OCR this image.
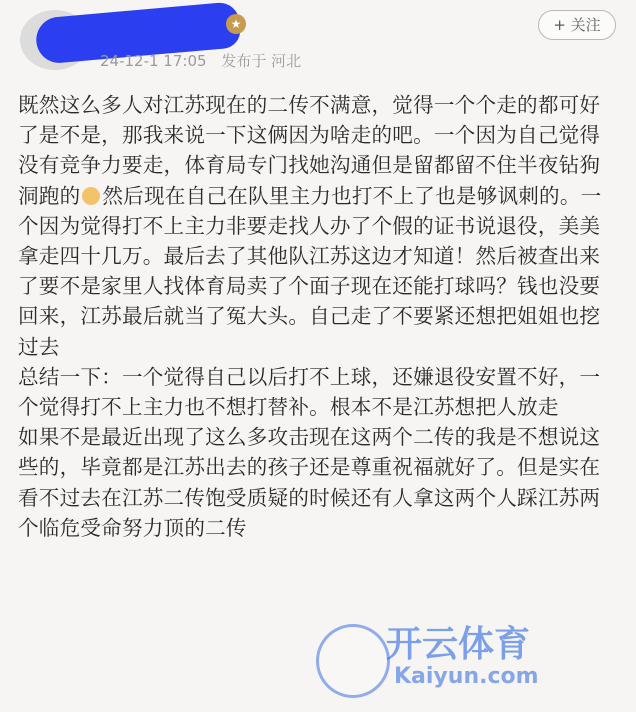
★
24-12-1 17:05 发布于 河北
+ 关注

既然这么多人对江苏现在的二传不满意，觉得一个个走的都可好了是不是，那我来说一下这俩因为啥走的吧。一个因为自己觉得没有竞争力要走，体育局专门找她沟通但是留都留不住半夜钻狗洞跑的 然后现在自己在队里主力也打不上了也是够讽刺的。一个因为觉得打不上主力非要走找人办了个假的证书说退役，美美拿走四十几万。最后去了其他队江苏这边才知道！然后被查出来了要不是家里人找体育局卖了个面子现在还能打球吗？钱也没要回来，江苏最后就当了冤大头。自己走了不要紧还想把姐姐也挖过去

总结一下：一个觉得自己以后打不上球，还嫌退役安置不好，一个觉得打不上主力也不想打替补。根本不是江苏想把人放走

如果不是最近出现了这么多攻击现在这两个二传的我是不想说这些的，毕竟都是江苏出去的孩子还是尊重祝福就好了。但是实在看不过去在江苏二传饱受质疑的时候还有人拿这两个人踩江苏两个临危受命努力顶的二传

开云体育
Kaiyun.com
